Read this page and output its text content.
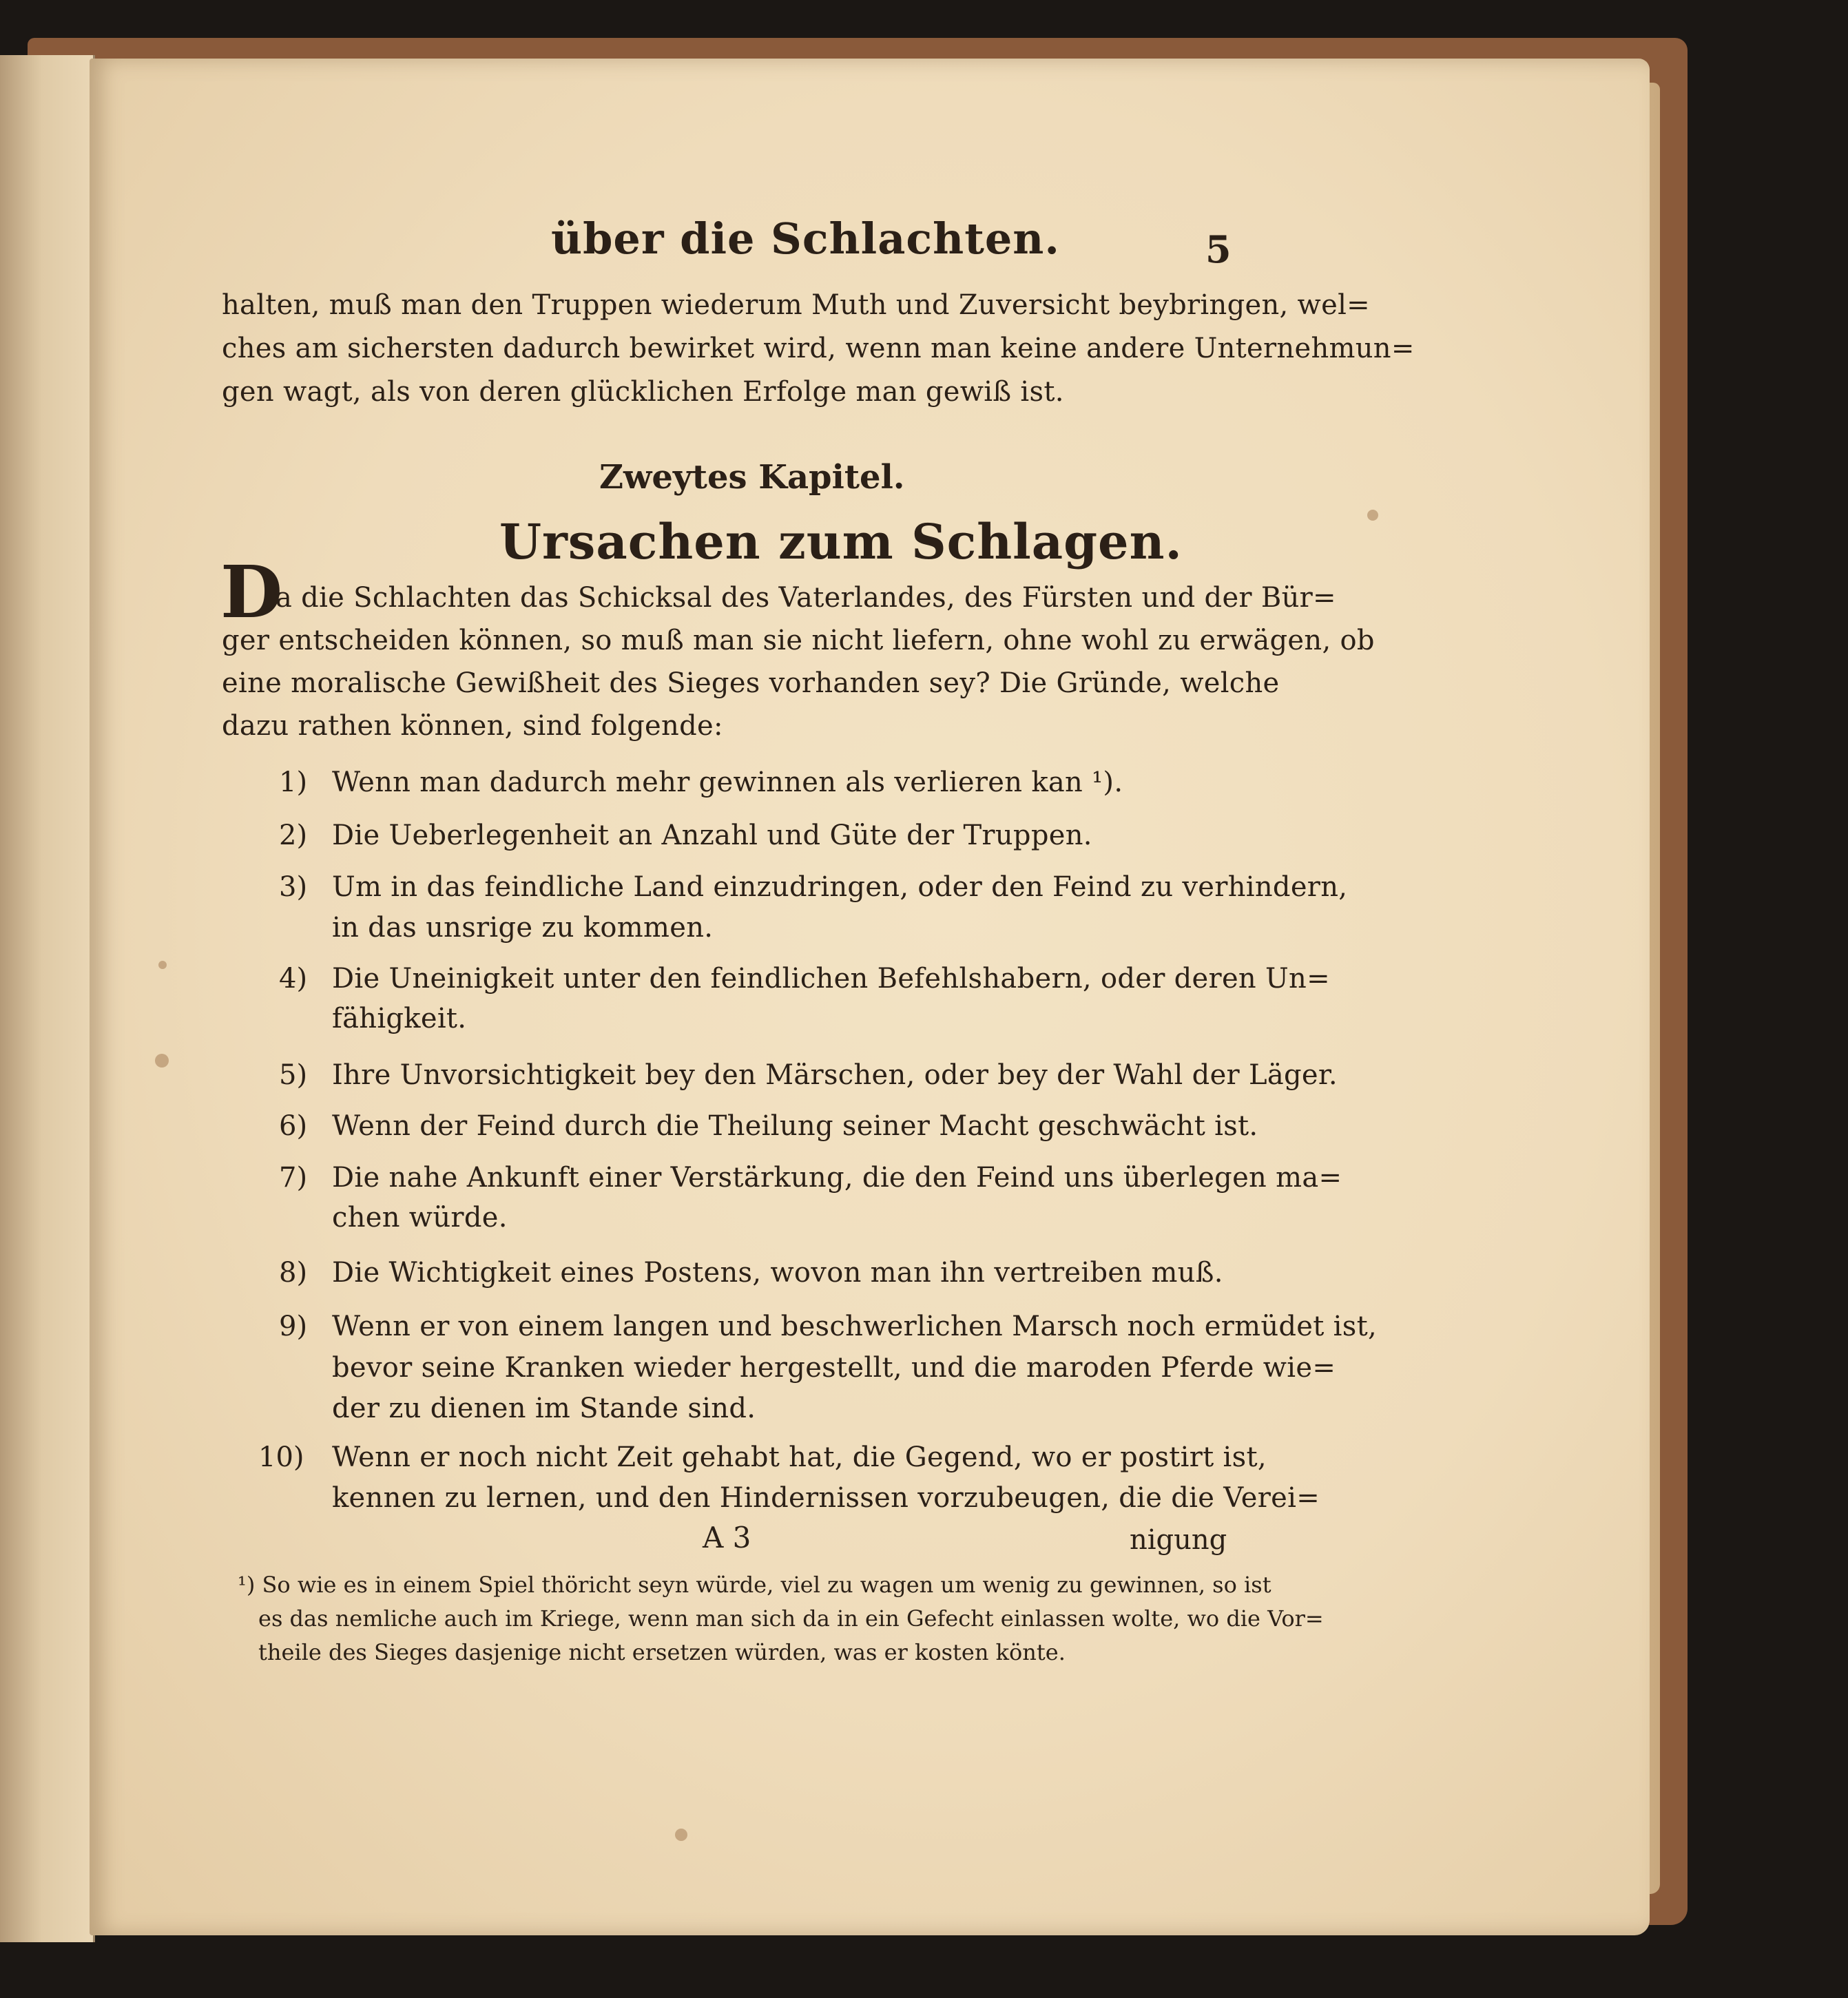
über die Schlachten.	5
halten, muß man den Truppen wiederum Muth und Zuversicht beybringen, wel=
ches am sichersten dadurch bewirket wird, wenn man keine andere Unternehmun=
gen wagt, als von deren glücklichen Erfolge man gewiß ist.
Zweytes Kapitel.
Ursachen zum Schlagen.
D
a die Schlachten das Schicksal des Vaterlandes, des Fürsten und der Bür=
ger entscheiden können, so muß man sie nicht liefern, ohne wohl zu erwägen, ob
eine moralische Gewißheit des Sieges vorhanden sey? Die Gründe, welche
dazu rathen können, sind folgende:
1) Wenn man dadurch mehr gewinnen als verlieren kan ¹).
2) Die Ueberlegenheit an Anzahl und Güte der Truppen.
3) Um in das feindliche Land einzudringen, oder den Feind zu verhindern,
in das unsrige zu kommen.
4) Die Uneinigkeit unter den feindlichen Befehlshabern, oder deren Un=
fähigkeit.
5) Ihre Unvorsichtigkeit bey den Märschen, oder bey der Wahl der Läger.
6) Wenn der Feind durch die Theilung seiner Macht geschwächt ist.
7) Die nahe Ankunft einer Verstärkung, die den Feind uns überlegen ma=
chen würde.
8) Die Wichtigkeit eines Postens, wovon man ihn vertreiben muß.
9) Wenn er von einem langen und beschwerlichen Marsch noch ermüdet ist,
bevor seine Kranken wieder hergestellt, und die maroden Pferde wie=
der zu dienen im Stande sind.
10) Wenn er noch nicht Zeit gehabt hat, die Gegend, wo er postirt ist,
kennen zu lernen, und den Hindernissen vorzubeugen, die die Verei=
A 3	nigung
¹) So wie es in einem Spiel thöricht seyn würde, viel zu wagen um wenig zu gewinnen, so ist
es das nemliche auch im Kriege, wenn man sich da in ein Gefecht einlassen wolte, wo die Vor=
theile des Sieges dasjenige nicht ersetzen würden, was er kosten könte.
